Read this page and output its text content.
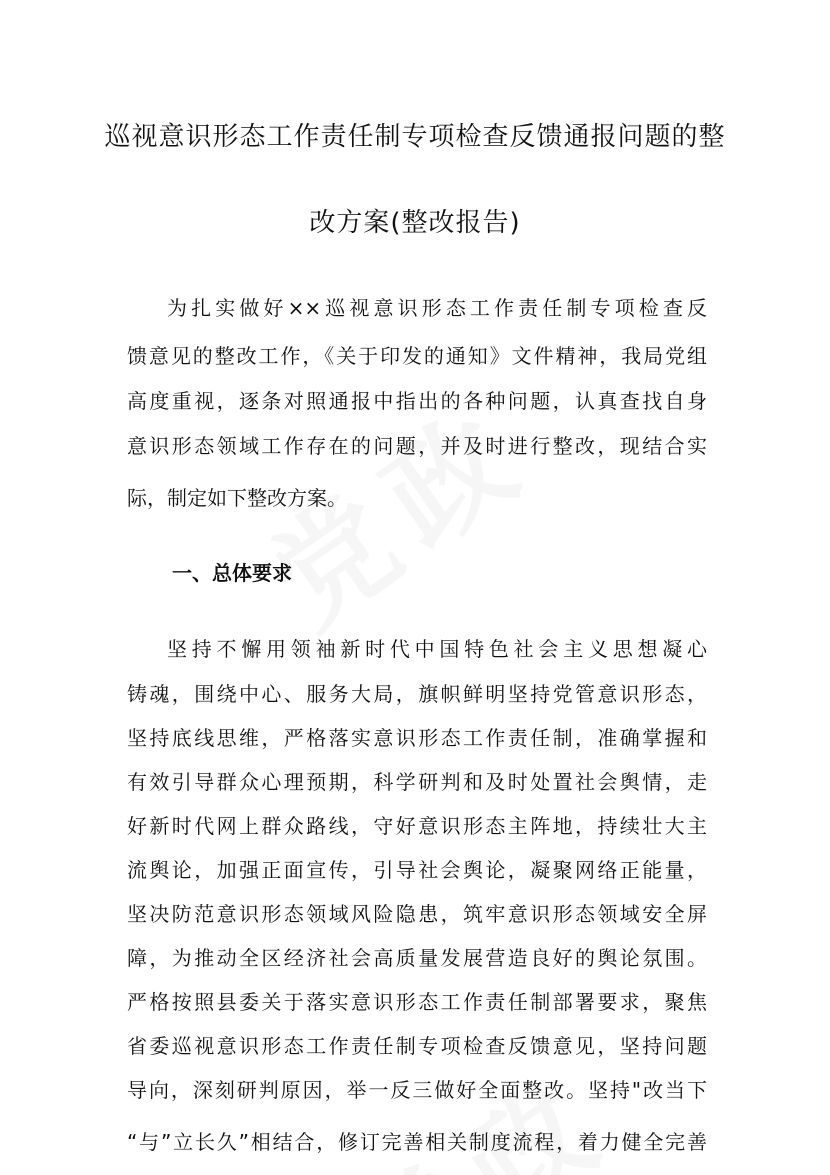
巡视意识形态工作责任制专项检查反馈通报问题的整
改方案(整改报告)
为扎实做好××巡视意识形态工作责任制专项检查反
馈意见的整改工作，《关于印发的通知》文件精神，我局党组
高度重视，逐条对照通报中指出的各种问题，认真查找自身
意识形态领域工作存在的问题，并及时进行整改，现结合实
际，制定如下整改方案。
一、总体要求
坚持不懈用领袖新时代中国特色社会主义思想凝心
铸魂，围绕中心、服务大局，旗帜鲜明坚持党管意识形态，
坚持底线思维，严格落实意识形态工作责任制，准确掌握和
有效引导群众心理预期，科学研判和及时处置社会舆情，走
好新时代网上群众路线，守好意识形态主阵地，持续壮大主
流舆论，加强正面宣传，引导社会舆论，凝聚网络正能量，
坚决防范意识形态领域风险隐患，筑牢意识形态领域安全屏
障，为推动全区经济社会高质量发展营造良好的舆论氛围。
严格按照县委关于落实意识形态工作责任制部署要求，聚焦
省委巡视意识形态工作责任制专项检查反馈意见，坚持问题
导向，深刻研判原因，举一反三做好全面整改。坚持"改当下
“与”立长久”相结合，修订完善相关制度流程，着力健全完善
